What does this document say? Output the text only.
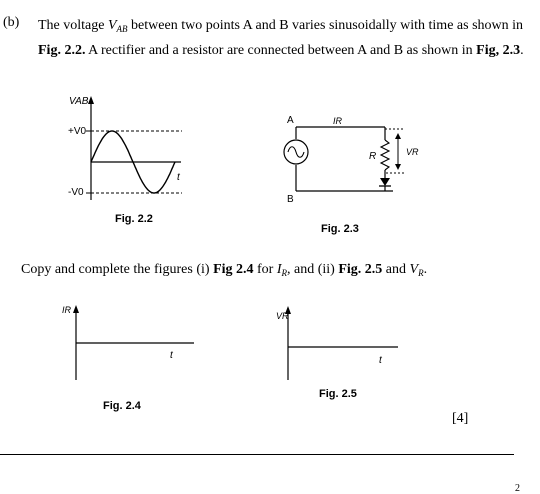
(b) The voltage $V_{AB}$ between two points A and B varies sinusoidally with time as shown in Fig. 2.2. A rectifier and a resistor are connected between A and B as shown in Fig, 2.3.
Copy and complete the figures (i) Fig 2.4 for $I_R$, and (ii) Fig. 2.5 and $V_R$.
Fig. 2.2
Fig. 2.3
Fig. 2.4
Fig. 2.5
[4]
2
VAB
+V0
-V0
t
A
B
IR
R	VR
IR
t
VR
t
